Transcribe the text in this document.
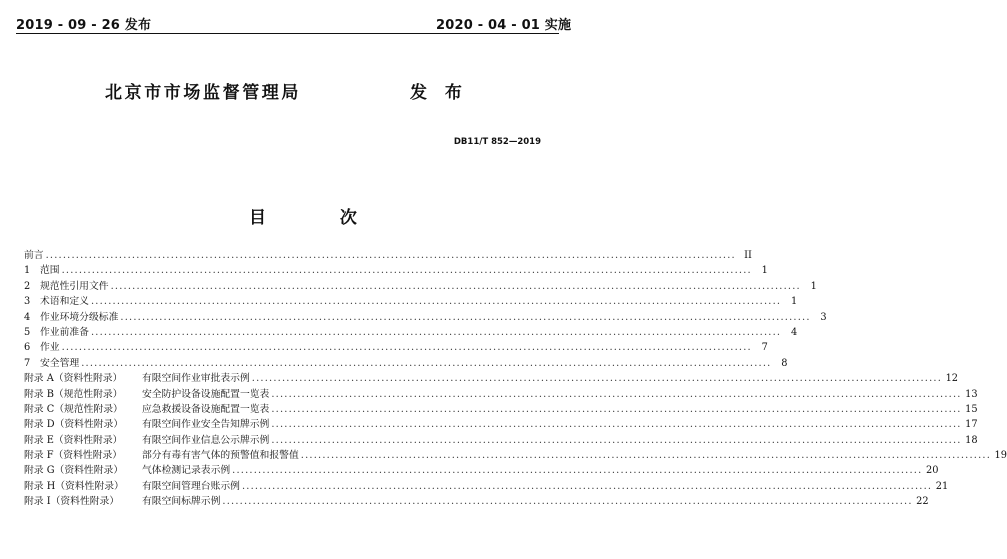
2019 - 09 - 26 发布	2020 - 04 - 01 实施
北京市市场监督管理局	发 布
DB11/T 852—2019
目 次
前言 ................................................................................................................................................................ II
1 范围 ................................................................................................................................................................ 1
2 规范性引用文件 ................................................................................................................................................................ 1
3 术语和定义 ................................................................................................................................................................ 1
4 作业环境分级标准 ................................................................................................................................................................ 3
5 作业前准备 ................................................................................................................................................................ 4
6 作业 ................................................................................................................................................................ 7
7 安全管理 ................................................................................................................................................................ 8
附录 A（资料性附录）	有限空间作业审批表示例 ................................................................................................................................................................ 12
附录 B（规范性附录）	安全防护设备设施配置一览表 ................................................................................................................................................................ 13
附录 C（规范性附录）	应急救援设备设施配置一览表 ................................................................................................................................................................ 15
附录 D（资料性附录）	有限空间作业安全告知牌示例 ................................................................................................................................................................ 17
附录 E（资料性附录）	有限空间作业信息公示牌示例 ................................................................................................................................................................ 18
附录 F（资料性附录）	部分有毒有害气体的预警值和报警值 ................................................................................................................................................................ 19
附录 G（资料性附录）	气体检测记录表示例 ................................................................................................................................................................ 20
附录 H（资料性附录）	有限空间管理台账示例 ................................................................................................................................................................ 21
附录 I（资料性附录）	有限空间标牌示例 ................................................................................................................................................................ 22
